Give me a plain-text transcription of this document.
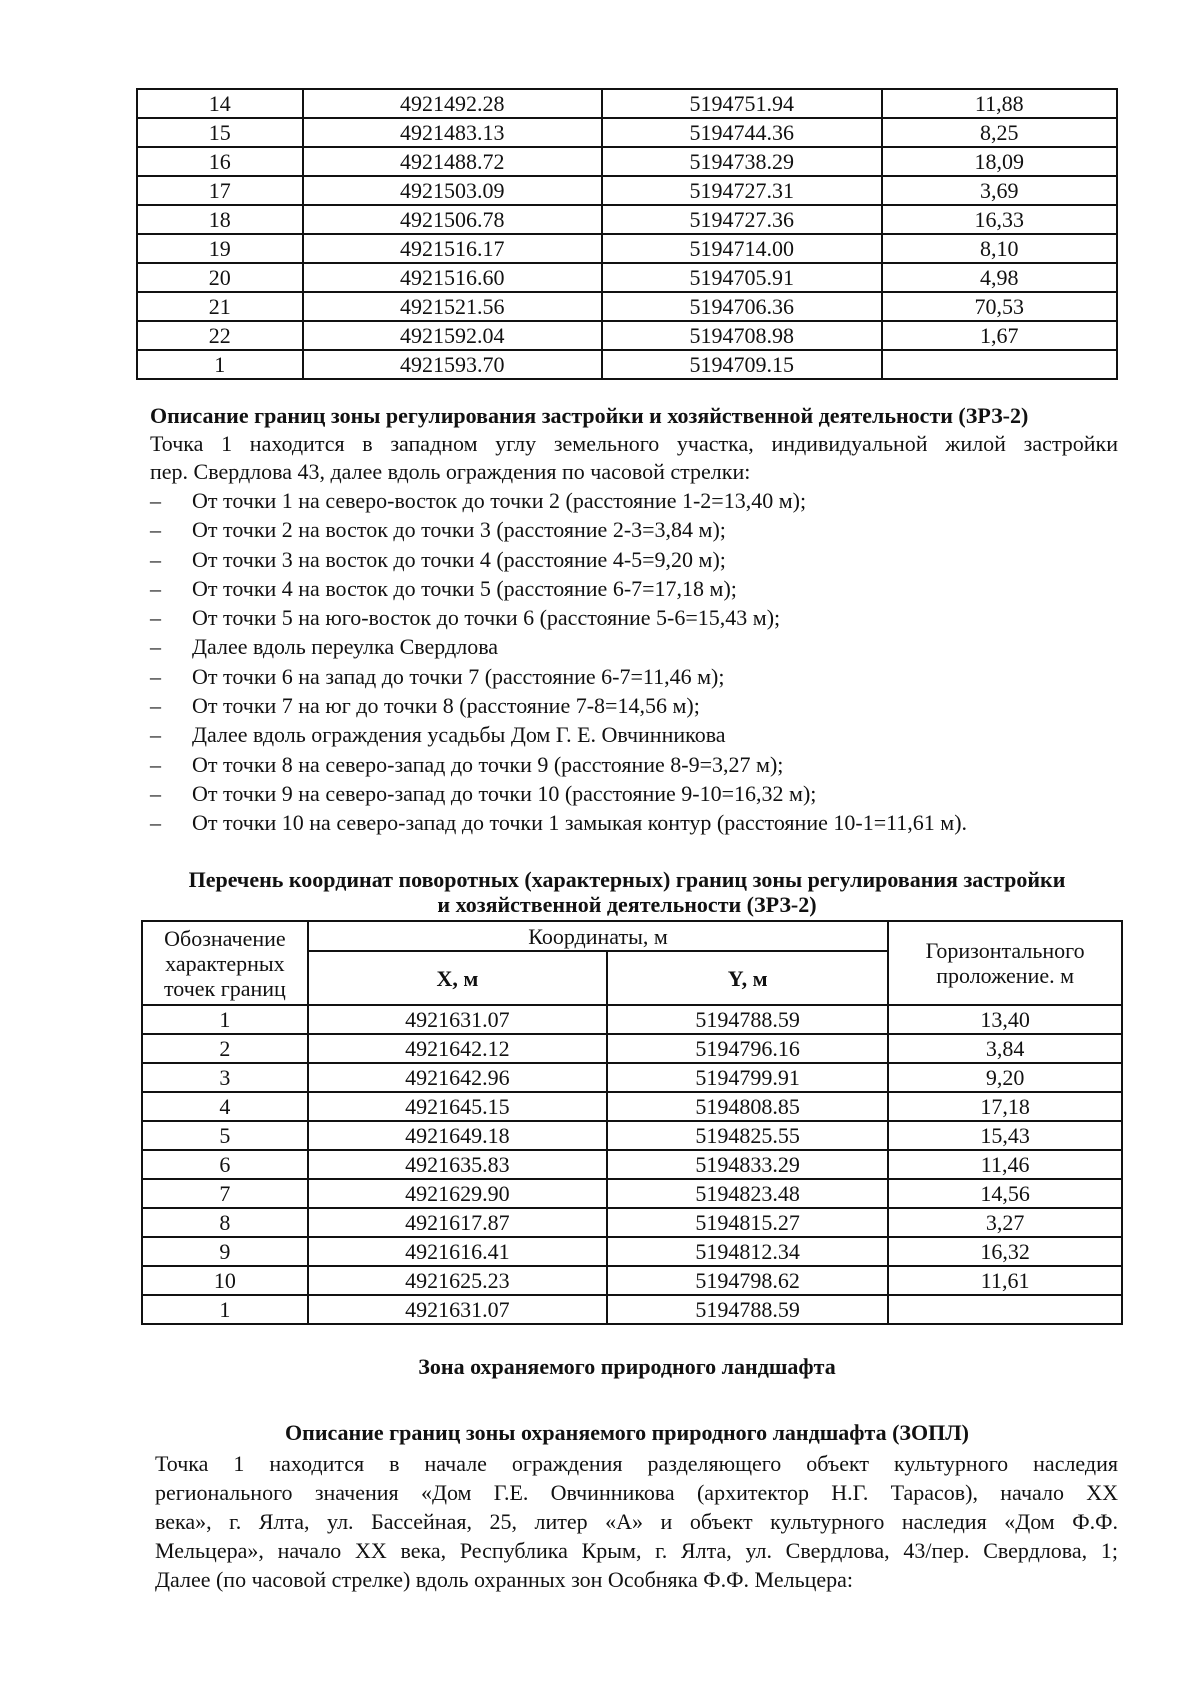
14	4921492.28	5194751.94	11,88
15	4921483.13	5194744.36	8,25
16	4921488.72	5194738.29	18,09
17	4921503.09	5194727.31	3,69
18	4921506.78	5194727.36	16,33
19	4921516.17	5194714.00	8,10
20	4921516.60	5194705.91	4,98
21	4921521.56	5194706.36	70,53
22	4921592.04	5194708.98	1,67
1	4921593.70	5194709.15	
Описание границ зоны регулирования застройки и хозяйственной деятельности (ЗРЗ-2)
Точка 1 находится в западном углу земельного участка, индивидуальной жилой застройки
пер. Свердлова 43, далее вдоль ограждения по часовой стрелки:
– От точки 1 на северо-восток до точки 2 (расстояние 1-2=13,40 м);
– От точки 2 на восток до точки 3 (расстояние 2-3=3,84 м);
– От точки 3 на восток до точки 4 (расстояние 4-5=9,20 м);
– От точки 4 на восток до точки 5 (расстояние 6-7=17,18 м);
– От точки 5 на юго-восток до точки 6 (расстояние 5-6=15,43 м);
– Далее вдоль переулка Свердлова
– От точки 6 на запад до точки 7 (расстояние 6-7=11,46 м);
– От точки 7 на юг до точки 8 (расстояние 7-8=14,56 м);
– Далее вдоль ограждения усадьбы Дом Г. Е. Овчинникова
– От точки 8 на северо-запад до точки 9 (расстояние 8-9=3,27 м);
– От точки 9 на северо-запад до точки 10 (расстояние 9-10=16,32 м);
– От точки 10 на северо-запад до точки 1 замыкая контур (расстояние 10-1=11,61 м).
Перечень координат поворотных (характерных) границ зоны регулирования застройки
и хозяйственной деятельности (ЗРЗ-2)
Обозначение
характерных
точек границ	Координаты, м		Горизонтального
проложение. м

	X, м	Y, м	
1	4921631.07	5194788.59	13,40
2	4921642.12	5194796.16	3,84
3	4921642.96	5194799.91	9,20
4	4921645.15	5194808.85	17,18
5	4921649.18	5194825.55	15,43
6	4921635.83	5194833.29	11,46
7	4921629.90	5194823.48	14,56
8	4921617.87	5194815.27	3,27
9	4921616.41	5194812.34	16,32
10	4921625.23	5194798.62	11,61
1	4921631.07	5194788.59	
Зона охраняемого природного ландшафта
Описание границ зоны охраняемого природного ландшафта (ЗОПЛ)
Точка 1 находится в начале ограждения разделяющего объект культурного наследия
регионального значения «Дом Г.Е. Овчинникова (архитектор Н.Г. Тарасов), начало XX
века», г. Ялта, ул. Бассейная, 25, литер «А» и объект культурного наследия «Дом Ф.Ф.
Мельцера», начало XX века, Республика Крым, г. Ялта, ул. Свердлова, 43/пер. Свердлова, 1;
Далее (по часовой стрелке) вдоль охранных зон Особняка Ф.Ф. Мельцера:
